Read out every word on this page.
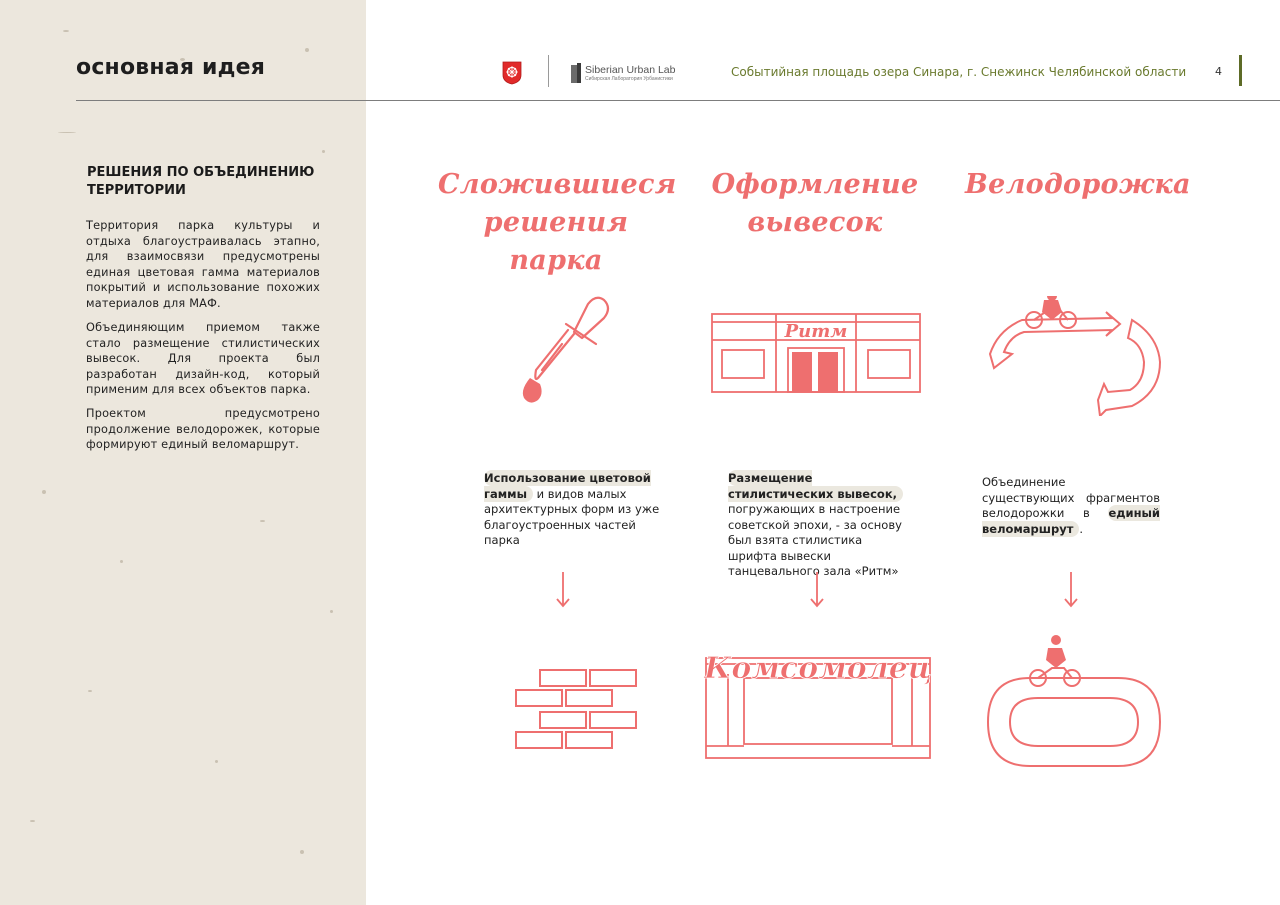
основная идея	Siberian Urban Lab
Сибирская Лаборатория Урбанистики	Событийная площадь озера Синара, г. Снежинск Челябинской области	4
РЕШЕНИЯ ПО ОБЪЕДИНЕНИЮ ТЕРРИТОРИИ
Территория парка культуры и отдыха благоустраивалась этапно, для взаимосвязи предусмотрены единая цветовая гамма материалов покрытий и использование похожих материалов для МАФ.
Объединяющим приемом также стало размещение стилистических вывесок. Для проекта был разработан дизайн-код, который применим для всех объектов парка.
Проектом предусмотрено продолжение велодорожек, которые формируют единый веломаршрут.
Сложившиеся
решения парка
Оформление
вывесок
Велодорожка
Ритм
Использование цветовой гаммы и видов малых архитектурных форм из уже благоустроенных частей парка
Размещение стилистических вывесок, погружающих в настроение советской эпохи, - за основу был взята стилистика шрифта вывески танцевального зала «Ритм»
Объединение существующих фрагментов велодорожки в единый веломаршрут .
Комсомолец
